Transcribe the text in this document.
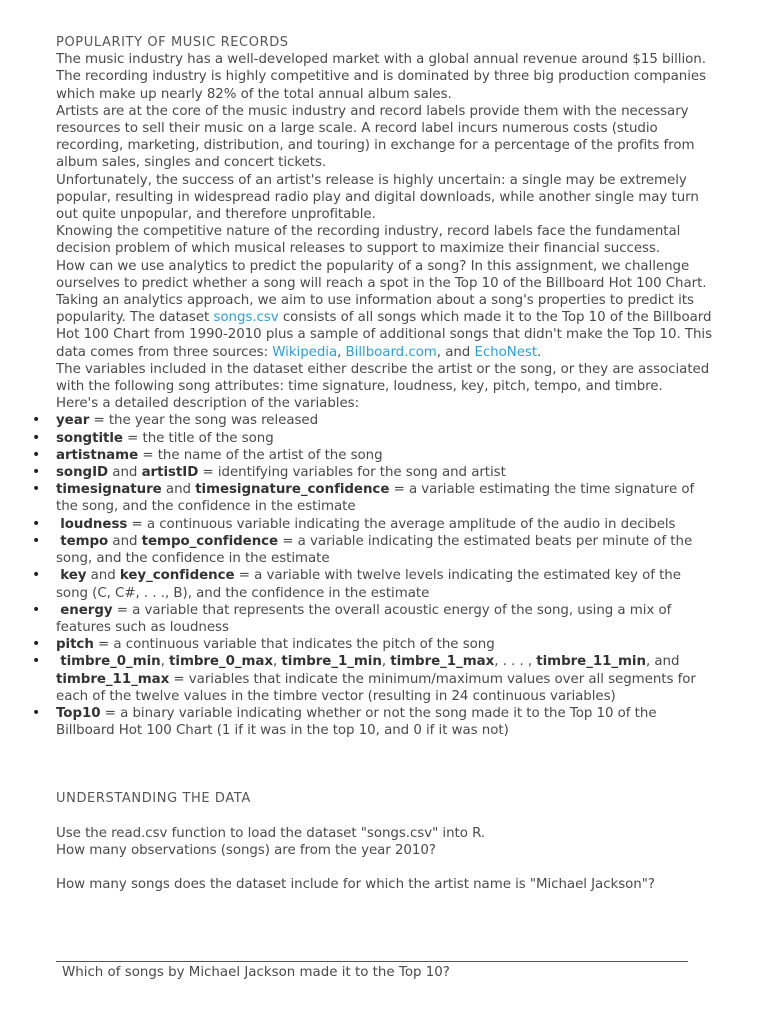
POPULARITY OF MUSIC RECORDS

The music industry has a well-developed market with a global annual revenue around $15 billion. The recording industry is highly competitive and is dominated by three big production companies which make up nearly 82% of the total annual album sales.

Artists are at the core of the music industry and record labels provide them with the necessary resources to sell their music on a large scale. A record label incurs numerous costs (studio recording, marketing, distribution, and touring) in exchange for a percentage of the profits from album sales, singles and concert tickets.

Unfortunately, the success of an artist's release is highly uncertain: a single may be extremely popular, resulting in widespread radio play and digital downloads, while another single may turn out quite unpopular, and therefore unprofitable.

Knowing the competitive nature of the recording industry, record labels face the fundamental decision problem of which musical releases to support to maximize their financial success.

How can we use analytics to predict the popularity of a song? In this assignment, we challenge ourselves to predict whether a song will reach a spot in the Top 10 of the Billboard Hot 100 Chart.

Taking an analytics approach, we aim to use information about a song's properties to predict its popularity. The dataset songs.csv consists of all songs which made it to the Top 10 of the Billboard Hot 100 Chart from 1990-2010 plus a sample of additional songs that didn't make the Top 10. This data comes from three sources: Wikipedia, Billboard.com, and EchoNest.

The variables included in the dataset either describe the artist or the song, or they are associated with the following song attributes: time signature, loudness, key, pitch, tempo, and timbre.

Here's a detailed description of the variables:

• year = the year the song was released
• songtitle = the title of the song
• artistname = the name of the artist of the song
• songID and artistID = identifying variables for the song and artist
• timesignature and timesignature_confidence = a variable estimating the time signature of the song, and the confidence in the estimate
• loudness = a continuous variable indicating the average amplitude of the audio in decibels
• tempo and tempo_confidence = a variable indicating the estimated beats per minute of the song, and the confidence in the estimate
• key and key_confidence = a variable with twelve levels indicating the estimated key of the song (C, C#, . . ., B), and the confidence in the estimate
• energy = a variable that represents the overall acoustic energy of the song, using a mix of features such as loudness
• pitch = a continuous variable that indicates the pitch of the song
• timbre_0_min, timbre_0_max, timbre_1_min, timbre_1_max, . . . , timbre_11_min, and timbre_11_max = variables that indicate the minimum/maximum values over all segments for each of the twelve values in the timbre vector (resulting in 24 continuous variables)
• Top10 = a binary variable indicating whether or not the song made it to the Top 10 of the Billboard Hot 100 Chart (1 if it was in the top 10, and 0 if it was not)

UNDERSTANDING THE DATA

Use the read.csv function to load the dataset "songs.csv" into R.

How many observations (songs) are from the year 2010?

How many songs does the dataset include for which the artist name is "Michael Jackson"?

Which of songs by Michael Jackson made it to the Top 10?
